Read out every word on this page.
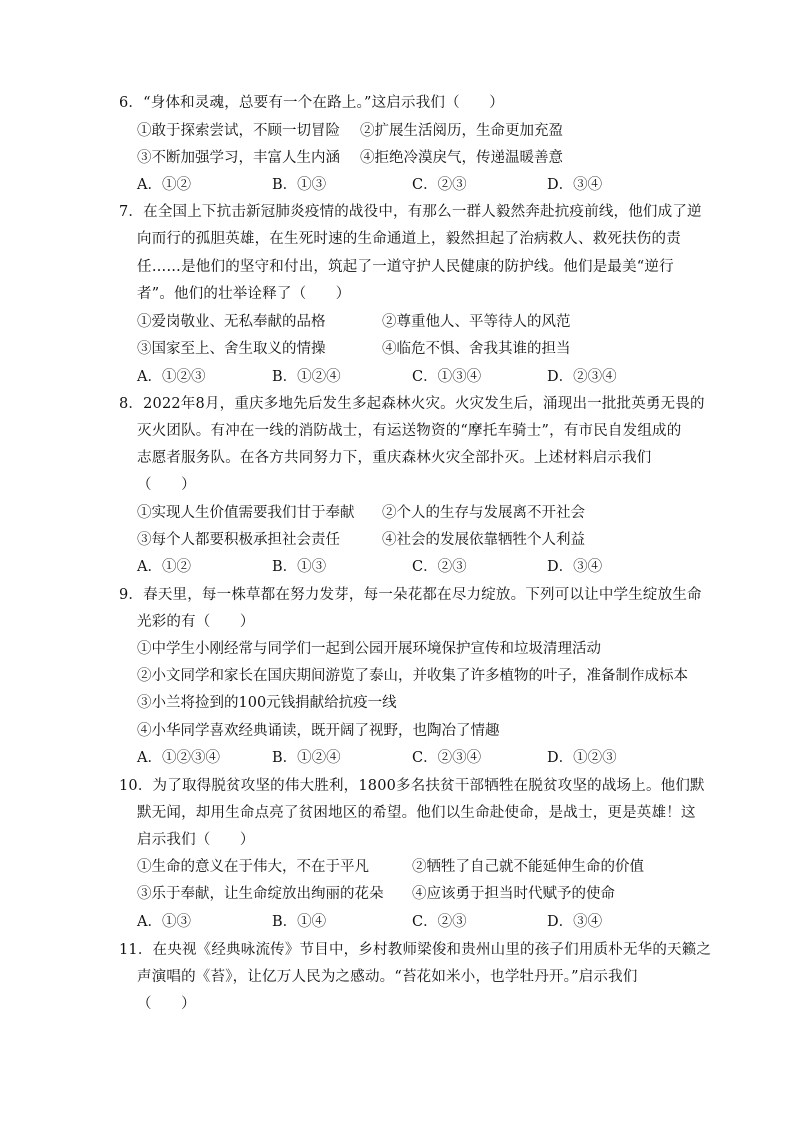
6．“身体和灵魂，总要有一个在路上。”这启示我们（　　）
①敢于探索尝试，不顾一切冒险 ②扩展生活阅历，生命更加充盈
③不断加强学习，丰富人生内涵 ④拒绝冷漠戾气，传递温暖善意
A．①②	B．①③	C．②③	D．③④
7．在全国上下抗击新冠肺炎疫情的战役中，有那么一群人毅然奔赴抗疫前线，他们成了逆
向而行的孤胆英雄，在生死时速的生命通道上，毅然担起了治病救人、救死扶伤的责
任……是他们的坚守和付出，筑起了一道守护人民健康的防护线。他们是最美“逆行
者”。他们的壮举诠释了（　　）
①爱岗敬业、无私奉献的品格	②尊重他人、平等待人的风范
③国家至上、舍生取义的情操	④临危不惧、舍我其谁的担当
A．①②③	B．①②④	C．①③④	D．②③④
8．2022年8月，重庆多地先后发生多起森林火灾。火灾发生后，涌现出一批批英勇无畏的
灭火团队。有冲在一线的消防战士，有运送物资的“摩托车骑士”，有市民自发组成的
志愿者服务队。在各方共同努力下，重庆森林火灾全部扑灭。上述材料启示我们
（　　）
①实现人生价值需要我们甘于奉献 ②个人的生存与发展离不开社会
③每个人都要积极承担社会责任	④社会的发展依靠牺牲个人利益
A．①②	B．①③	C．②③	D．③④
9．春天里，每一株草都在努力发芽，每一朵花都在尽力绽放。下列可以让中学生绽放生命
光彩的有（　　）
①中学生小刚经常与同学们一起到公园开展环境保护宣传和垃圾清理活动
②小文同学和家长在国庆期间游览了泰山，并收集了许多植物的叶子，准备制作成标本
③小兰将捡到的100元钱捐献给抗疫一线
④小华同学喜欢经典诵读，既开阔了视野，也陶冶了情趣
A．①②③④	B．①②④	C．②③④	D．①②③
10．为了取得脱贫攻坚的伟大胜利，1800多名扶贫干部牺牲在脱贫攻坚的战场上。他们默
默无闻，却用生命点亮了贫困地区的希望。他们以生命赴使命，是战士，更是英雄！这
启示我们（　　）
①生命的意义在于伟大，不在于平凡	②牺牲了自己就不能延伸生命的价值
③乐于奉献，让生命绽放出绚丽的花朵 ④应该勇于担当时代赋予的使命
A．①③	B．①④	C．②③	D．③④
11．在央视《经典咏流传》节目中，乡村教师梁俊和贵州山里的孩子们用质朴无华的天籁之
声演唱的《苔》，让亿万人民为之感动。“苔花如米小，也学牡丹开。”启示我们
（　　）
